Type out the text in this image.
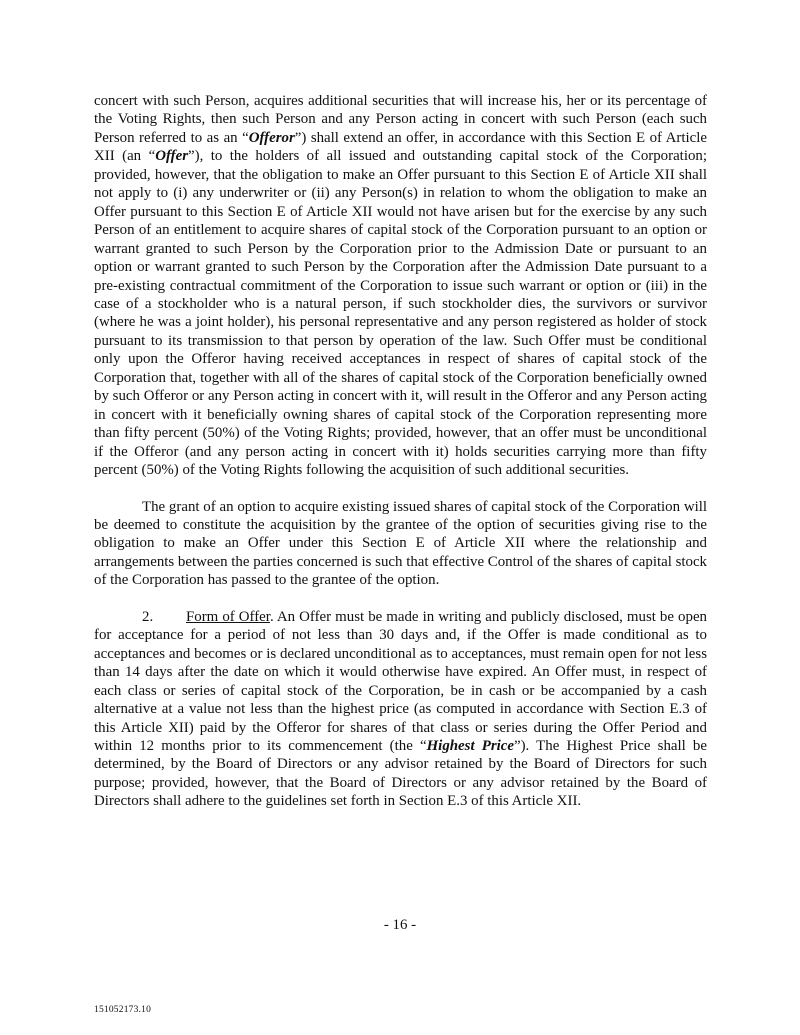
concert with such Person, acquires additional securities that will increase his, her or its percentage of the Voting Rights, then such Person and any Person acting in concert with such Person (each such Person referred to as an “Offeror”) shall extend an offer, in accordance with this Section E of Article XII (an “Offer”), to the holders of all issued and outstanding capital stock of the Corporation; provided, however, that the obligation to make an Offer pursuant to this Section E of Article XII shall not apply to (i) any underwriter or (ii) any Person(s) in relation to whom the obligation to make an Offer pursuant to this Section E of Article XII would not have arisen but for the exercise by any such Person of an entitlement to acquire shares of capital stock of the Corporation pursuant to an option or warrant granted to such Person by the Corporation prior to the Admission Date or pursuant to an option or warrant granted to such Person by the Corporation after the Admission Date pursuant to a pre-existing contractual commitment of the Corporation to issue such warrant or option or (iii) in the case of a stockholder who is a natural person, if such stockholder dies, the survivors or survivor (where he was a joint holder), his personal representative and any person registered as holder of stock pursuant to its transmission to that person by operation of the law. Such Offer must be conditional only upon the Offeror having received acceptances in respect of shares of capital stock of the Corporation that, together with all of the shares of capital stock of the Corporation beneficially owned by such Offeror or any Person acting in concert with it, will result in the Offeror and any Person acting in concert with it beneficially owning shares of capital stock of the Corporation representing more than fifty percent (50%) of the Voting Rights; provided, however, that an offer must be unconditional if the Offeror (and any person acting in concert with it) holds securities carrying more than fifty percent (50%) of the Voting Rights following the acquisition of such additional securities.

The grant of an option to acquire existing issued shares of capital stock of the Corporation will be deemed to constitute the acquisition by the grantee of the option of securities giving rise to the obligation to make an Offer under this Section E of Article XII where the relationship and arrangements between the parties concerned is such that effective Control of the shares of capital stock of the Corporation has passed to the grantee of the option.

2. Form of Offer. An Offer must be made in writing and publicly disclosed, must be open for acceptance for a period of not less than 30 days and, if the Offer is made conditional as to acceptances and becomes or is declared unconditional as to acceptances, must remain open for not less than 14 days after the date on which it would otherwise have expired. An Offer must, in respect of each class or series of capital stock of the Corporation, be in cash or be accompanied by a cash alternative at a value not less than the highest price (as computed in accordance with Section E.3 of this Article XII) paid by the Offeror for shares of that class or series during the Offer Period and within 12 months prior to its commencement (the “Highest Price”). The Highest Price shall be determined, by the Board of Directors or any advisor retained by the Board of Directors for such purpose; provided, however, that the Board of Directors or any advisor retained by the Board of Directors shall adhere to the guidelines set forth in Section E.3 of this Article XII.

- 16 -
151052173.10
